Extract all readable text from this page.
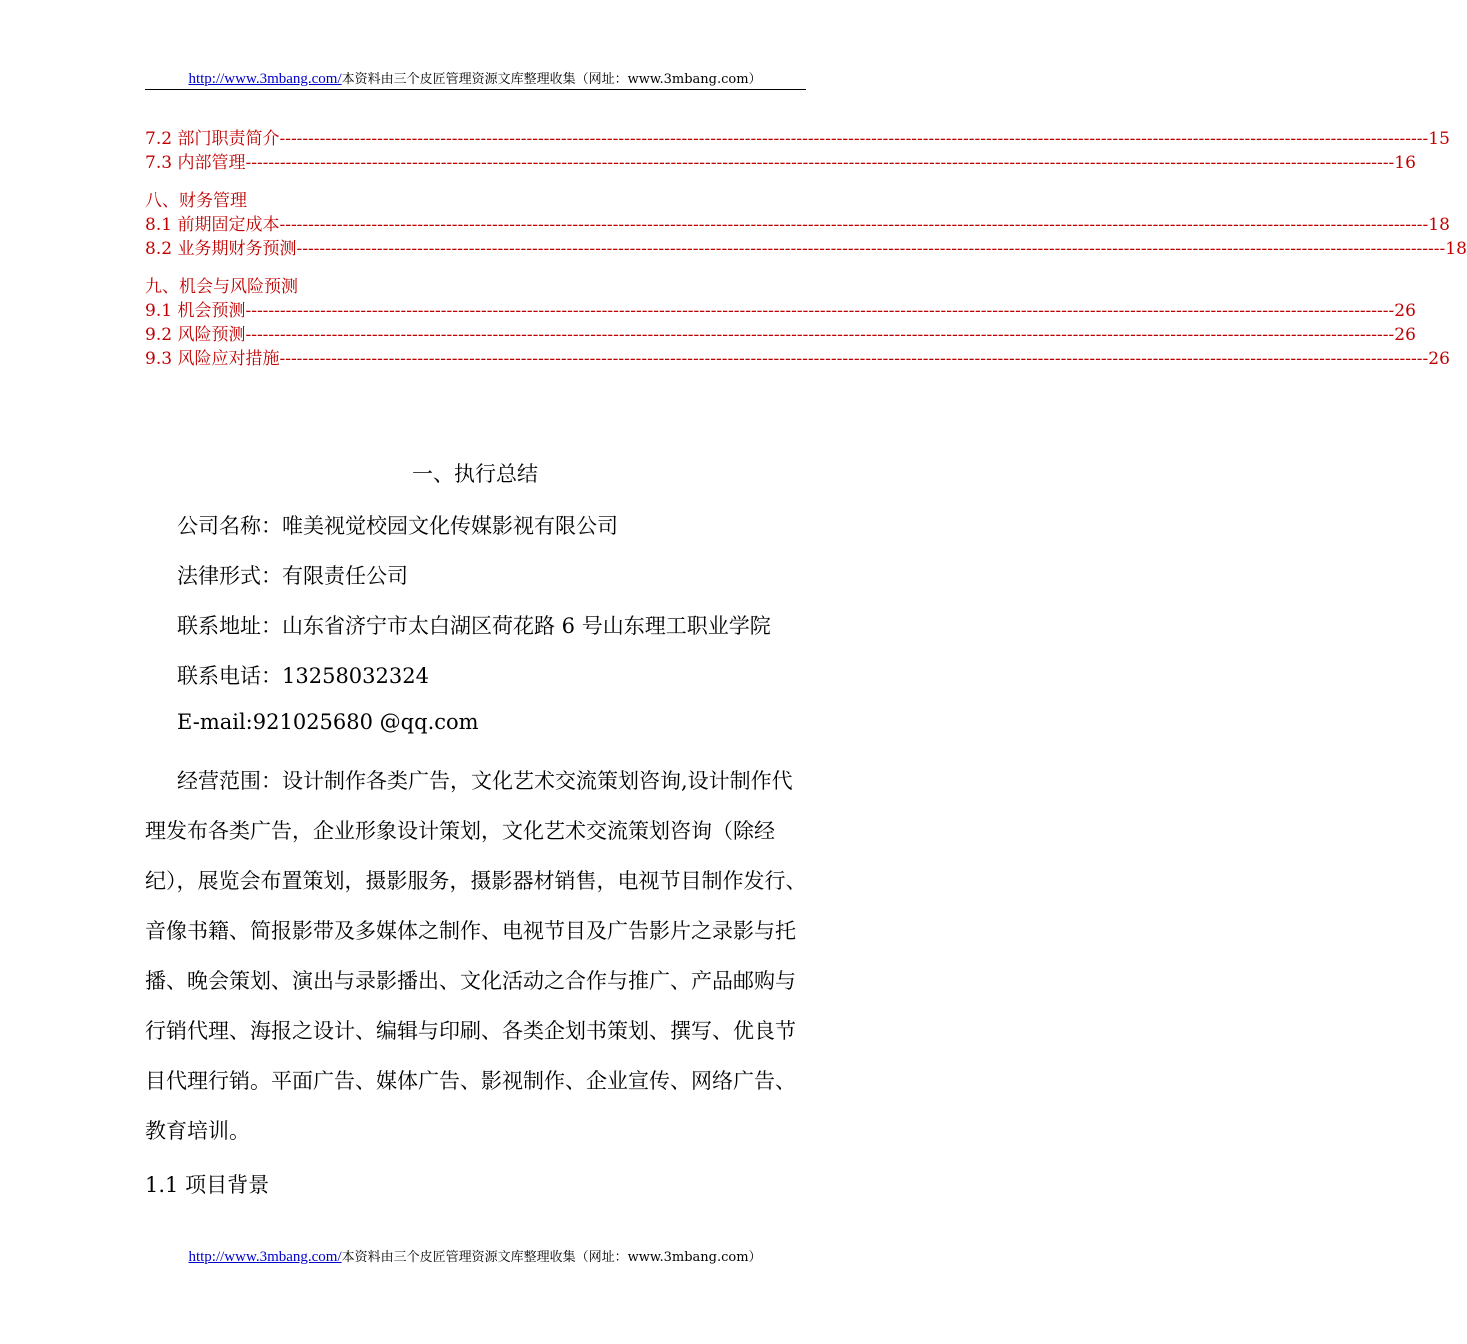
http://www.3mbang.com/本资料由三个皮匠管理资源文库整理收集（网址：www.3mbang.com）
7.2 部门职责简介 -------------------------------------------------------------------------------------------------------------------------------------------------------------------------------------------------------- 15
7.3 内部管理 -------------------------------------------------------------------------------------------------------------------------------------------------------------------------------------------------------- 16
八、财务管理
8.1 前期固定成本 -------------------------------------------------------------------------------------------------------------------------------------------------------------------------------------------------------- 18
8.2 业务期财务预测 -------------------------------------------------------------------------------------------------------------------------------------------------------------------------------------------------------- 18
九、机会与风险预测
9.1 机会预测 -------------------------------------------------------------------------------------------------------------------------------------------------------------------------------------------------------- 26
9.2 风险预测 -------------------------------------------------------------------------------------------------------------------------------------------------------------------------------------------------------- 26
9.3 风险应对措施 -------------------------------------------------------------------------------------------------------------------------------------------------------------------------------------------------------- 26
一、执行总结
公司名称：唯美视觉校园文化传媒影视有限公司
法律形式：有限责任公司
联系地址：山东省济宁市太白湖区荷花路 6 号山东理工职业学院
联系电话：13258032324
E-mail:921025680 @qq.com
经营范围：设计制作各类广告，文化艺术交流策划咨询,设计制作代理发布各类广告，企业形象设计策划，文化艺术交流策划咨询（除经纪），展览会布置策划，摄影服务，摄影器材销售，电视节目制作发行、音像书籍、简报影带及多媒体之制作、电视节目及广告影片之录影与托播、晚会策划、演出与录影播出、文化活动之合作与推广、产品邮购与行销代理、海报之设计、编辑与印刷、各类企划书策划、撰写、优良节目代理行销。平面广告、媒体广告、影视制作、企业宣传、网络广告、教育培训。
1.1 项目背景
http://www.3mbang.com/本资料由三个皮匠管理资源文库整理收集（网址：www.3mbang.com）
